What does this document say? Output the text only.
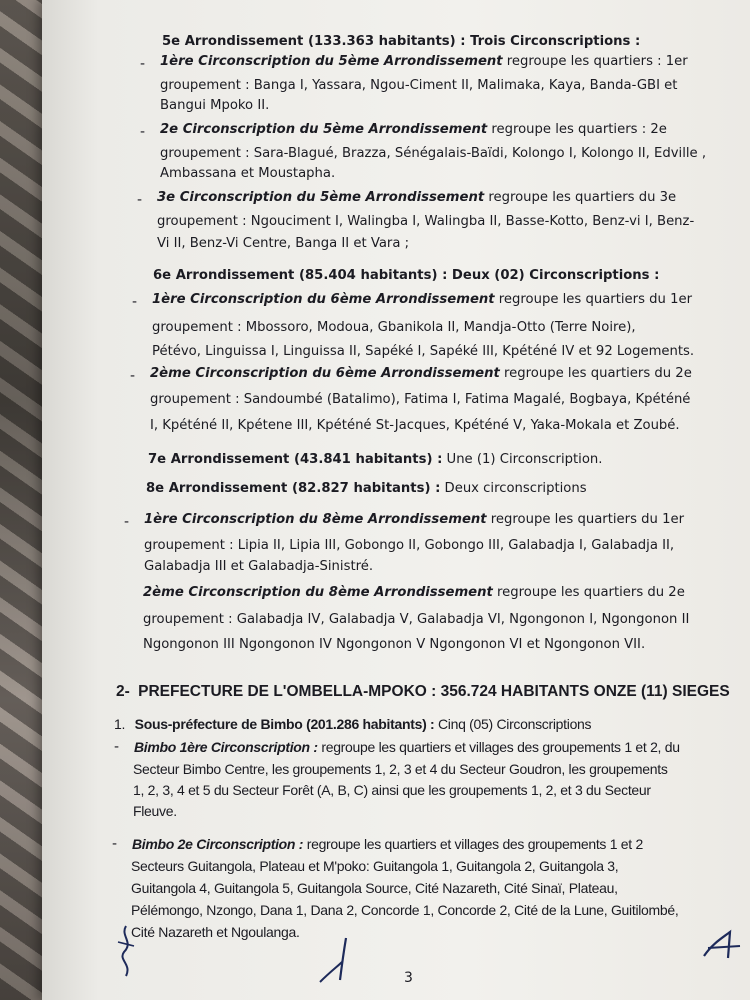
5e Arrondissement (133.363 habitants) : Trois Circonscriptions :
- 1ère Circonscription du 5ème Arrondissement regroupe les quartiers : 1er
groupement : Banga I, Yassara, Ngou-Ciment II, Malimaka, Kaya, Banda-GBI et
Bangui Mpoko II.
- 2e Circonscription du 5ème Arrondissement regroupe les quartiers : 2e
groupement : Sara-Blagué, Brazza, Sénégalais-Baïdi, Kolongo I, Kolongo II, Edville ,
Ambassana et Moustapha.
- 3e Circonscription du 5ème Arrondissement regroupe les quartiers du 3e
groupement : Ngouciment I, Walingba I, Walingba II, Basse-Kotto, Benz-vi I, Benz-
Vi II, Benz-Vi Centre, Banga II et Vara ;
6e Arrondissement (85.404 habitants) : Deux (02) Circonscriptions :
- 1ère Circonscription du 6ème Arrondissement regroupe les quartiers du 1er
groupement : Mbossoro, Modoua, Gbanikola II, Mandja-Otto (Terre Noire),
Pétévo, Linguissa I, Linguissa II, Sapéké I, Sapéké III, Kpéténé IV et 92 Logements.
- 2ème Circonscription du 6ème Arrondissement regroupe les quartiers du 2e
groupement : Sandoumbé (Batalimo), Fatima I, Fatima Magalé, Bogbaya, Kpéténé
I, Kpéténé II, Kpétene III, Kpéténé St-Jacques, Kpéténé V, Yaka-Mokala et Zoubé.
7e Arrondissement (43.841 habitants) : Une (1) Circonscription.
8e Arrondissement (82.827 habitants) : Deux circonscriptions
- 1ère Circonscription du 8ème Arrondissement regroupe les quartiers du 1er
groupement : Lipia II, Lipia III, Gobongo II, Gobongo III, Galabadja I, Galabadja II,
Galabadja III et Galabadja-Sinistré.
2ème Circonscription du 8ème Arrondissement regroupe les quartiers du 2e
groupement : Galabadja IV, Galabadja V, Galabadja VI, Ngongonon I, Ngongonon II
Ngongonon III Ngongonon IV Ngongonon V Ngongonon VI et Ngongonon VII.
2- PREFECTURE DE L'OMBELLA-MPOKO : 356.724 HABITANTS ONZE (11) SIEGES
1. Sous-préfecture de Bimbo (201.286 habitants) : Cinq (05) Circonscriptions
- Bimbo 1ère Circonscription : regroupe les quartiers et villages des groupements 1 et 2, du
Secteur Bimbo Centre, les groupements 1, 2, 3 et 4 du Secteur Goudron, les groupements
1, 2, 3, 4 et 5 du Secteur Forêt (A, B, C) ainsi que les groupements 1, 2, et 3 du Secteur
Fleuve.
- Bimbo 2e Circonscription : regroupe les quartiers et villages des groupements 1 et 2
Secteurs Guitangola, Plateau et M'poko: Guitangola 1, Guitangola 2, Guitangola 3,
Guitangola 4, Guitangola 5, Guitangola Source, Cité Nazareth, Cité Sinaï, Plateau,
Pélémongo, Nzongo, Dana 1, Dana 2, Concorde 1, Concorde 2, Cité de la Lune, Guitilombé,
Cité Nazareth et Ngoulanga.
3
